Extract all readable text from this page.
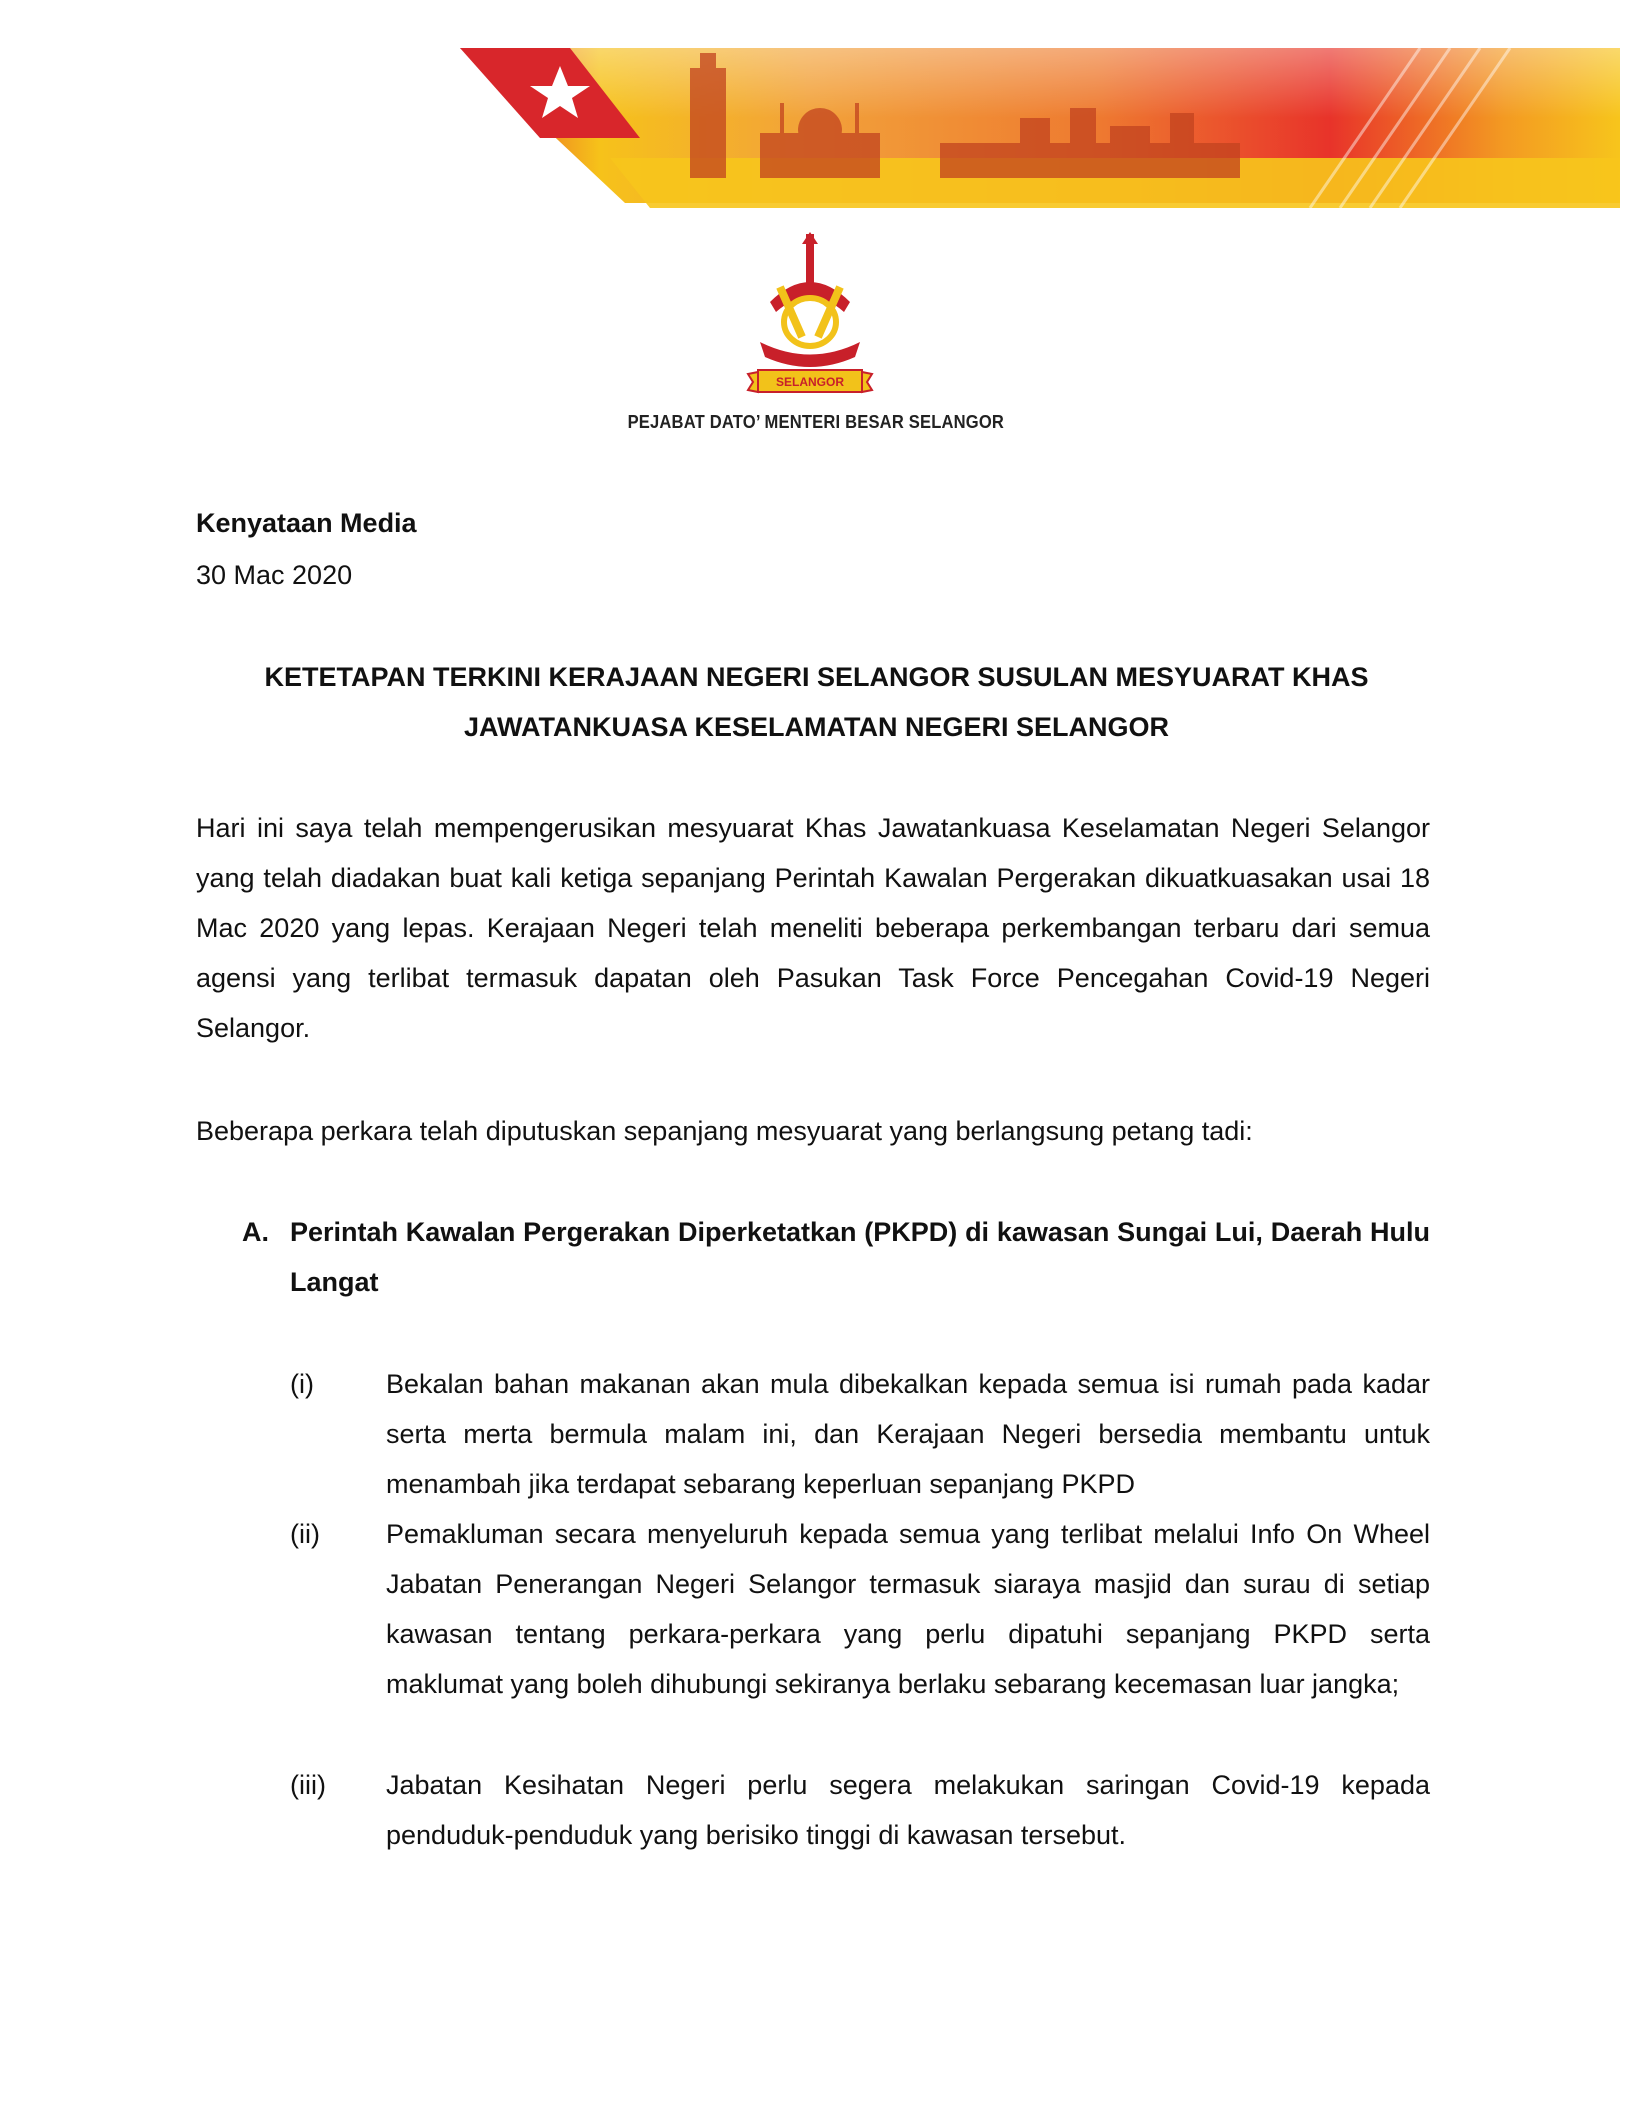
SELANGOR
PEJABAT DATO’ MENTERI BESAR SELANGOR
Kenyataan Media
30 Mac 2020
KETETAPAN TERKINI KERAJAAN NEGERI SELANGOR SUSULAN MESYUARAT KHAS
JAWATANKUASA KESELAMATAN NEGERI SELANGOR
Hari ini saya telah mempengerusikan mesyuarat Khas Jawatankuasa Keselamatan Negeri Selangor yang telah diadakan buat kali ketiga sepanjang Perintah Kawalan Pergerakan dikuatkuasakan usai 18 Mac 2020 yang lepas. Kerajaan Negeri telah meneliti beberapa perkembangan terbaru dari semua agensi yang terlibat termasuk dapatan oleh Pasukan Task Force Pencegahan Covid-19 Negeri Selangor.
Beberapa perkara telah diputuskan sepanjang mesyuarat yang berlangsung petang tadi:
A. Perintah Kawalan Pergerakan Diperketatkan (PKPD) di kawasan Sungai Lui, Daerah Hulu Langat
(i)	Bekalan bahan makanan akan mula dibekalkan kepada semua isi rumah pada kadar serta merta bermula malam ini, dan Kerajaan Negeri bersedia membantu untuk menambah jika terdapat sebarang keperluan sepanjang PKPD
(ii) Pemakluman secara menyeluruh kepada semua yang terlibat melalui Info On Wheel Jabatan Penerangan Negeri Selangor termasuk siaraya masjid dan surau di setiap kawasan tentang perkara-perkara yang perlu dipatuhi sepanjang PKPD serta maklumat yang boleh dihubungi sekiranya berlaku sebarang kecemasan luar jangka;
(iii) Jabatan Kesihatan Negeri perlu segera melakukan saringan Covid-19 kepada penduduk-penduduk yang berisiko tinggi di kawasan tersebut.
